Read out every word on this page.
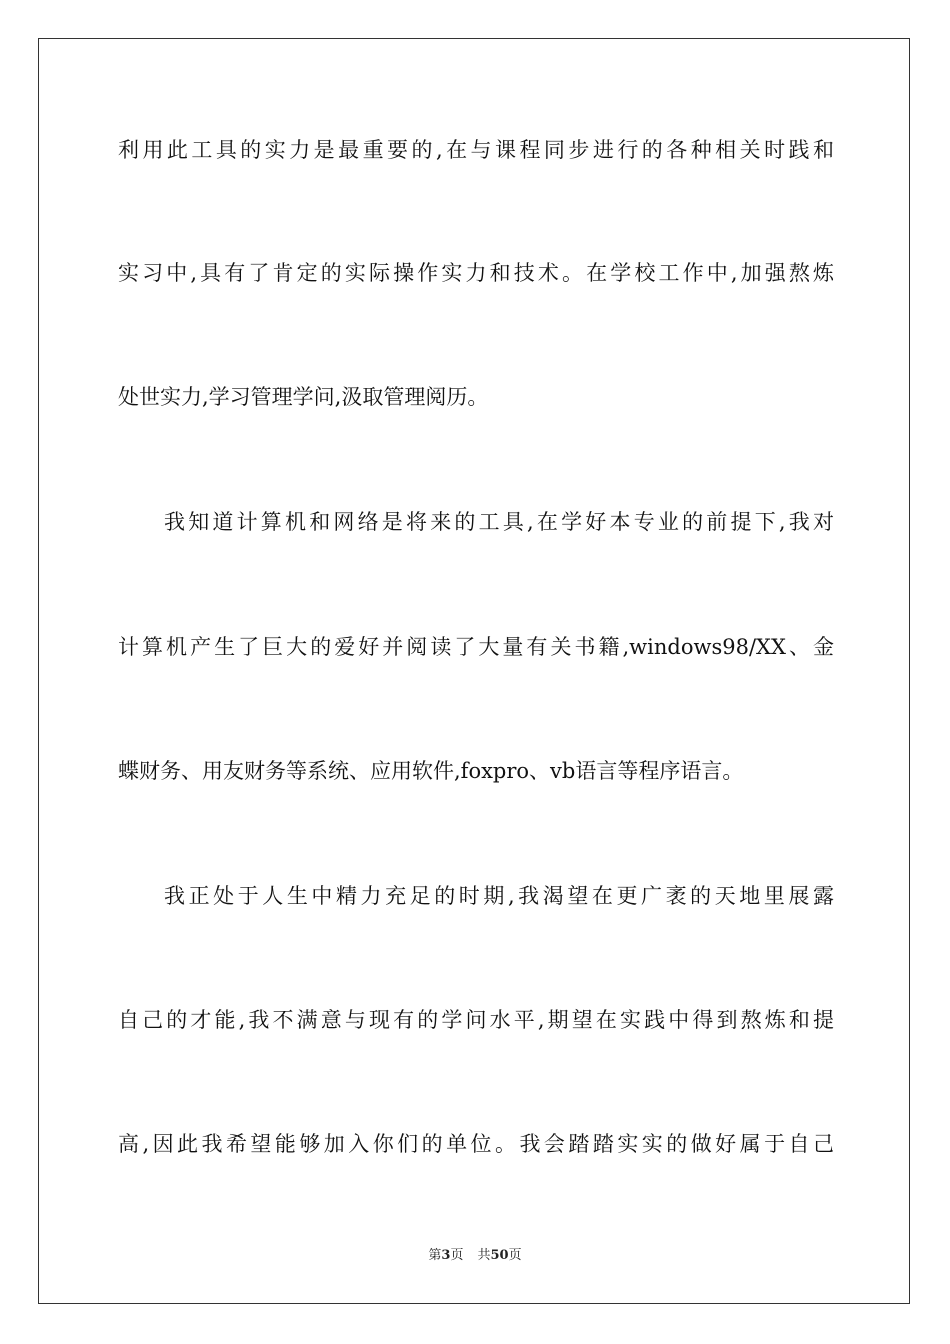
利用此工具的实力是最重要的,在与课程同步进行的各种相关时践和
实习中,具有了肯定的实际操作实力和技术。在学校工作中,加强熬炼
处世实力,学习管理学问,汲取管理阅历。
我知道计算机和网络是将来的工具,在学好本专业的前提下,我对
计算机产生了巨大的爱好并阅读了大量有关书籍,windows98/XX、金
蝶财务、用友财务等系统、应用软件,foxpro、vb语言等程序语言。
我正处于人生中精力充足的时期,我渴望在更广袤的天地里展露
自己的才能,我不满意与现有的学问水平,期望在实践中得到熬炼和提
高,因此我希望能够加入你们的单位。我会踏踏实实的做好属于自己
第3页 共50页
